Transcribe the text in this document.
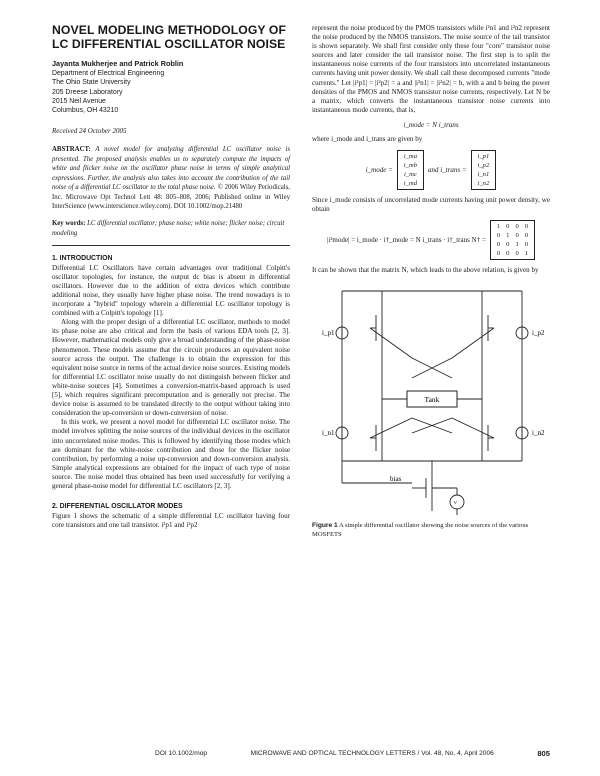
NOVEL MODELING METHODOLOGY OF
LC DIFFERENTIAL OSCILLATOR NOISE
Jayanta Mukherjee and Patrick Roblin
Department of Electrical Engineering
The Ohio State University
205 Dreese Laboratory
2015 Neil Avenue
Columbus, OH 43210
Received 24 October 2005
ABSTRACT: A novel model for analyzing differential LC oscillator noise is presented. The proposed analysis enables us to separately compute the impacts of white and flicker noise on the oscillator phase noise in terms of simple analytical expressions. Further, the analysis also takes into account the contribution of the tail noise of a differential LC oscillator to the total phase noise. © 2006 Wiley Periodicals, Inc. Microwave Opt Technol Lett 48: 805–808, 2006; Published online in Wiley InterScience (www.interscience.wiley.com). DOI 10.1002/mop.21480
Key words: LC differential oscillator; phase noise; white noise; flicker noise; circuit modeling
1. INTRODUCTION

Differential LC Oscillators have certain advantages over traditional Colpitt's oscillator topologies, for instance, the output dc bias is absent in differential oscillators. However due to the addition of extra devices which contribute additional noise, they usually have higher phase noise. The trend nowadays is to incorporate a "hybrid" topology wherein a differential LC oscillator topology is combined with a Colpitt's topology [1].

Along with the proper design of a differential LC oscillator, methods to model its phase noise are also critical and form the basis of various EDA tools [2, 3]. However, mathematical models only give a broad understanding of the phase-noise phenomenon. These models assume that the circuit produces an equivalent noise source across the output. The challenge is to obtain the expression for this equivalent noise source in terms of the actual device noise sources. Existing models for differential LC oscillator noise usually do not distinguish between flicker and white-noise sources [4]. Sometimes a conversion-matrix-based approach is used [5], which requires significant precomputation and is generally not precise. The device noise is assumed to be translated directly to the output without taking into consideration the up-conversion or down-conversion of noise.

In this work, we present a novel model for differential LC oscillator noise. The model involves splitting the noise sources of the individual devices in the oscillator into uncorrelated noise modes. This is followed by identifying those modes which are dominant for the white-noise contribution and those for the flicker noise contribution, by performing a noise up-conversion and down-conversion analysis. Simple analytical expressions are obtained for the impact of each type of noise source. The noise model thus obtained has been used successfully for verifying a general phase-noise model for differential LC oscillators [2, 3].

2. DIFFERENTIAL OSCILLATOR MODES

Figure 1 shows the schematic of a simple differential LC oscillator having four core transistors and one tail transistor. i²p1 and i²p2

represent the noise produced by the PMOS transistors while i²n1 and i²n2 represent the noise produced by the NMOS transistors. The noise source of the tail transistor is shown separately. We shall first consider only these four "core" transistor noise sources and later consider the tail transistor noise. The first step is to split the instantaneous noise currents of the four transistors into uncorrelated instantaneous currents having unit power density. We shall call these decomposed currents "mode currents." Let |i²p1| = |i²p2| = a and |i²n1| = |i²n2| = b, with a and b being the power densities of the PMOS and NMOS transistor noise currents, respectively. Let N be a matrix, which converts the instantaneous transistor noise currents into instantaneous mode currents, that is,

i_mode = N i_trans

where i_mode and i_trans are given by

i_mode =
i_ma
i_mb
i_mc
i_md
and i_trans =
i_p1
i_p2
i_n1
i_n2

Since i_mode consists of uncorrelated mode currents having unit power density, we obtain

|i²mode| = i_mode · i†_mode = N i_trans · i†_trans N† =
1	0	0	0
0	1	0	0
0	0	1	0
0	0	0	1

It can be shown that the matrix N, which leads to the above relation, is given by

i_p1	i_p2
i_n1	i_n2
Tank
bias
v
Figure 1 A simple differential oscillator showing the noise sources of the various MOSFETS
DOI 10.1002/mop	MICROWAVE AND OPTICAL TECHNOLOGY LETTERS / Vol. 48, No. 4, April 2006	805
